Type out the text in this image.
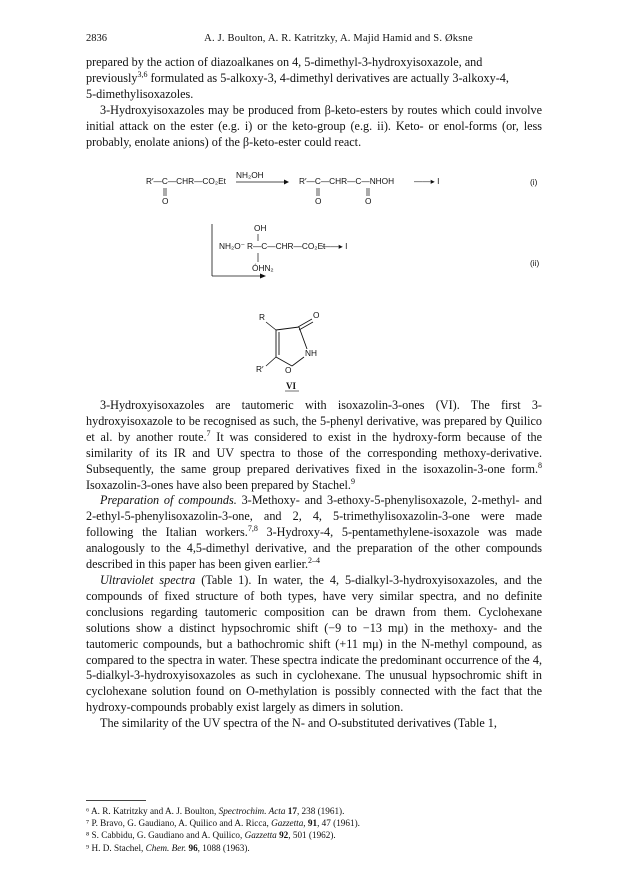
2836	A. J. Boulton, A. R. Katritzky, A. Majid Hamid and S. Øksne

prepared by the action of diazoalkanes on 4, 5-dimethyl-3-hydroxyisoxazole, and

previously$^{3,6}$ formulated as 5-alkoxy-3, 4-dimethyl derivatives are actually 3-alkoxy-4,

5-dimethylisoxazoles.

3-Hydroxyisoxazoles may be produced from β-keto-esters by routes which could involve initial attack on the ester (e.g. i) or the keto-group (e.g. ii). Keto- or enol-forms (or, less probably, enolate anions) of the β-keto-ester could react.

R′—C—CHR—CO₂Et
NH₂OH
R′—C—CHR—C—NHOH ——▸ I	(i)
O	O	O
OH
NH₂O⁻ R—C—CHR—CO₂Et
——▸ I
ÓHN₂	(ii)
R	O
NH
R′	O
VI

3-Hydroxyisoxazoles are tautomeric with isoxazolin-3-ones (VI). The first 3-hydroxyisoxazole to be recognised as such, the 5-phenyl derivative, was prepared by Quilico et al. by another route.$^7$ It was considered to exist in the hydroxy-form because of the similarity of its IR and UV spectra to those of the corresponding methoxy-derivative. Subsequently, the same group prepared derivatives fixed in the isoxazolin-3-one form.$^8$ Isoxazolin-3-ones have also been prepared by Stachel.$^9$

Preparation of compounds. 3-Methoxy- and 3-ethoxy-5-phenylisoxazole, 2-methyl- and 2-ethyl-5-phenylisoxazolin-3-one, and 2, 4, 5-trimethylisoxazolin-3-one were made following the Italian workers.$^{7,8}$ 3-Hydroxy-4, 5-pentamethylene-isoxazole was made analogously to the 4,5-dimethyl derivative, and the preparation of the other compounds described in this paper has been given earlier.$^{2-4}$

Ultraviolet spectra (Table 1). In water, the 4, 5-dialkyl-3-hydroxyisoxazoles, and the compounds of fixed structure of both types, have very similar spectra, and no definite conclusions regarding tautomeric composition can be drawn from them. Cyclohexane solutions show a distinct hypsochromic shift (−9 to −13 mμ) in the methoxy- and the tautomeric compounds, but a bathochromic shift (+11 mμ) in the N-methyl compound, as compared to the spectra in water. These spectra indicate the predominant occurrence of the 4, 5-dialkyl-3-hydroxyisoxazoles as such in cyclohexane. The unusual hypsochromic shift in cyclohexane solution found on O-methylation is possibly connected with the fact that the hydroxy-compounds probably exist largely as dimers in solution.

The similarity of the UV spectra of the N- and O-substituted derivatives (Table 1,

⁶ A. R. Katritzky and A. J. Boulton, Spectrochim. Acta 17, 238 (1961).

⁷ P. Bravo, G. Gaudiano, A. Quilico and A. Ricca, Gazzetta, 91, 47 (1961).

⁸ S. Cabbidu, G. Gaudiano and A. Quilico, Gazzetta 92, 501 (1962).

⁹ H. D. Stachel, Chem. Ber. 96, 1088 (1963).
